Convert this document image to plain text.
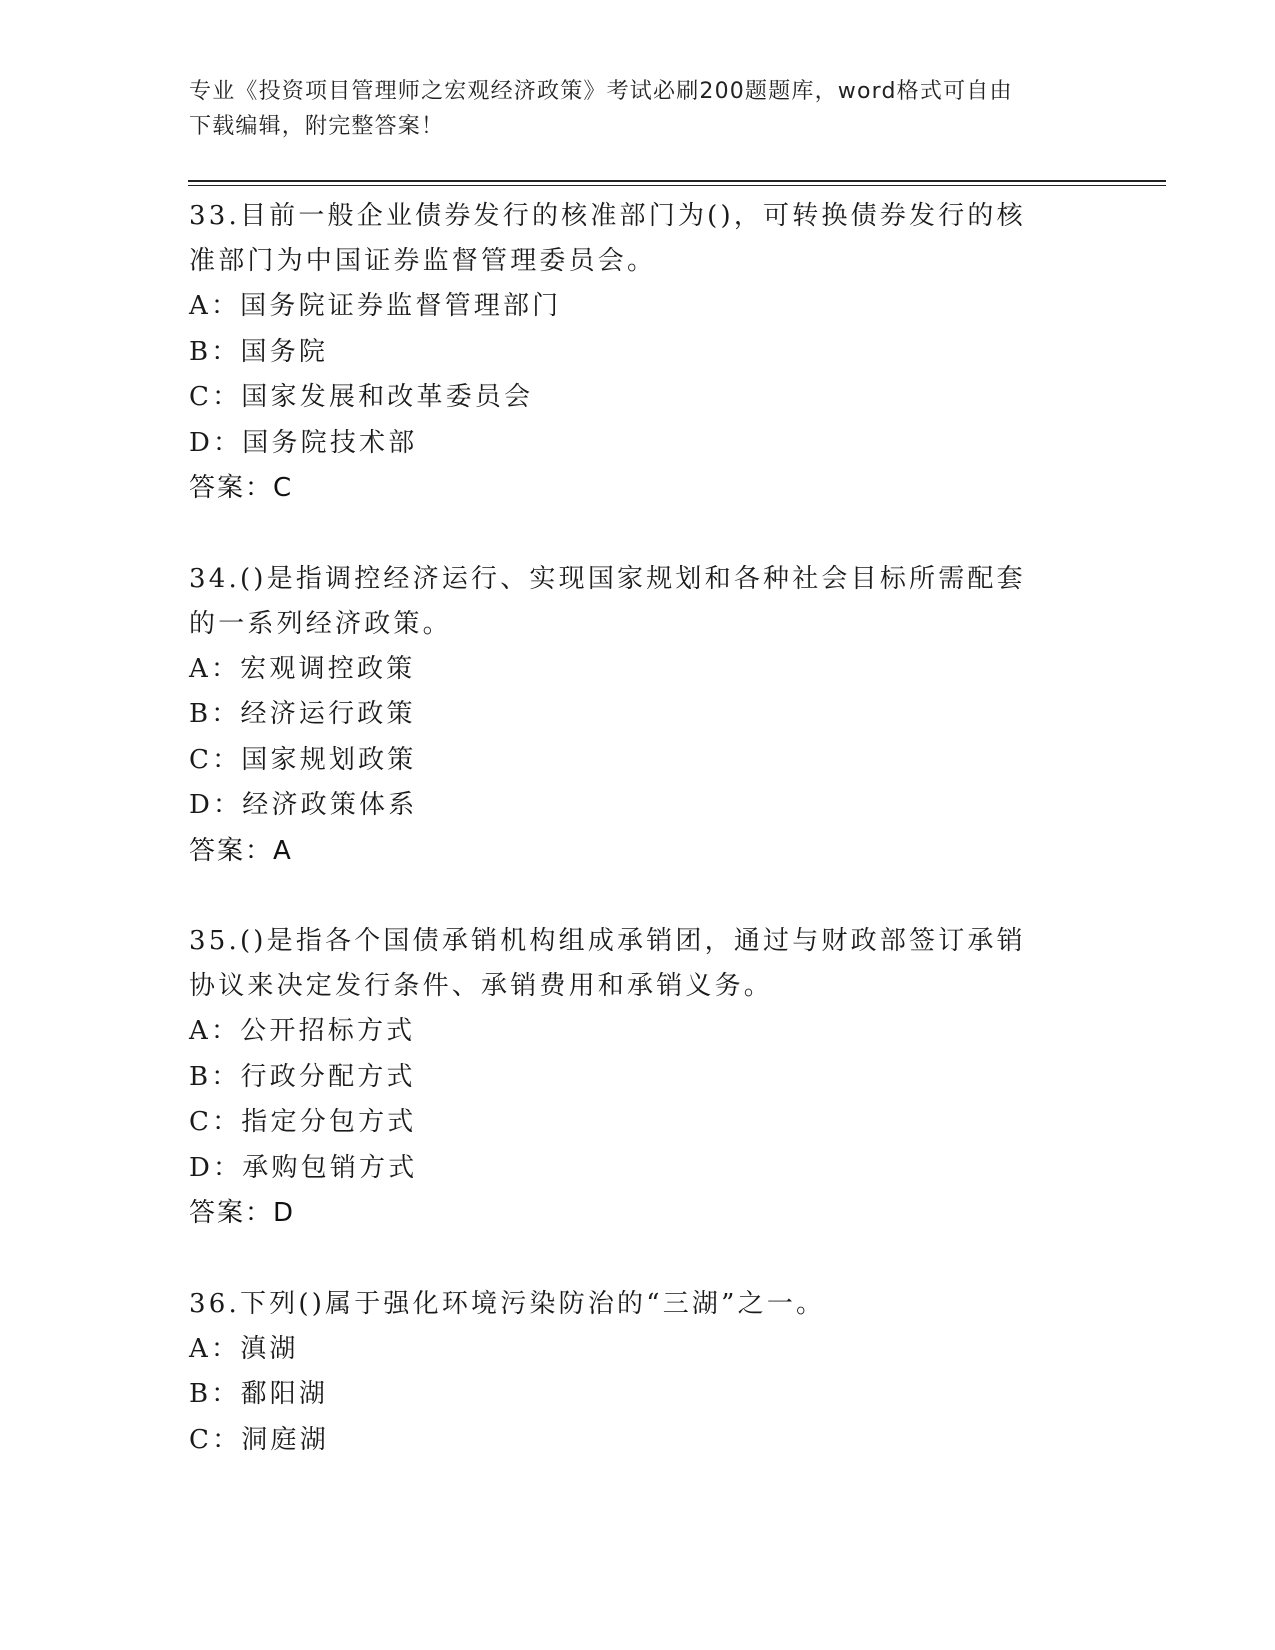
专业《投资项目管理师之宏观经济政策》考试必刷200题题库，word格式可自由
下载编辑，附完整答案！
33.目前一般企业债券发行的核准部门为()，可转换债券发行的核准部门为中国证券监督管理委员会。
A：国务院证券监督管理部门
B：国务院
C：国家发展和改革委员会
D：国务院技术部
答案：C
34.()是指调控经济运行、实现国家规划和各种社会目标所需配套的一系列经济政策。
A：宏观调控政策
B：经济运行政策
C：国家规划政策
D：经济政策体系
答案：A
35.()是指各个国债承销机构组成承销团，通过与财政部签订承销协议来决定发行条件、承销费用和承销义务。
A：公开招标方式
B：行政分配方式
C：指定分包方式
D：承购包销方式
答案：D
36.下列()属于强化环境污染防治的“三湖”之一。
A：滇湖
B：鄱阳湖
C：洞庭湖
